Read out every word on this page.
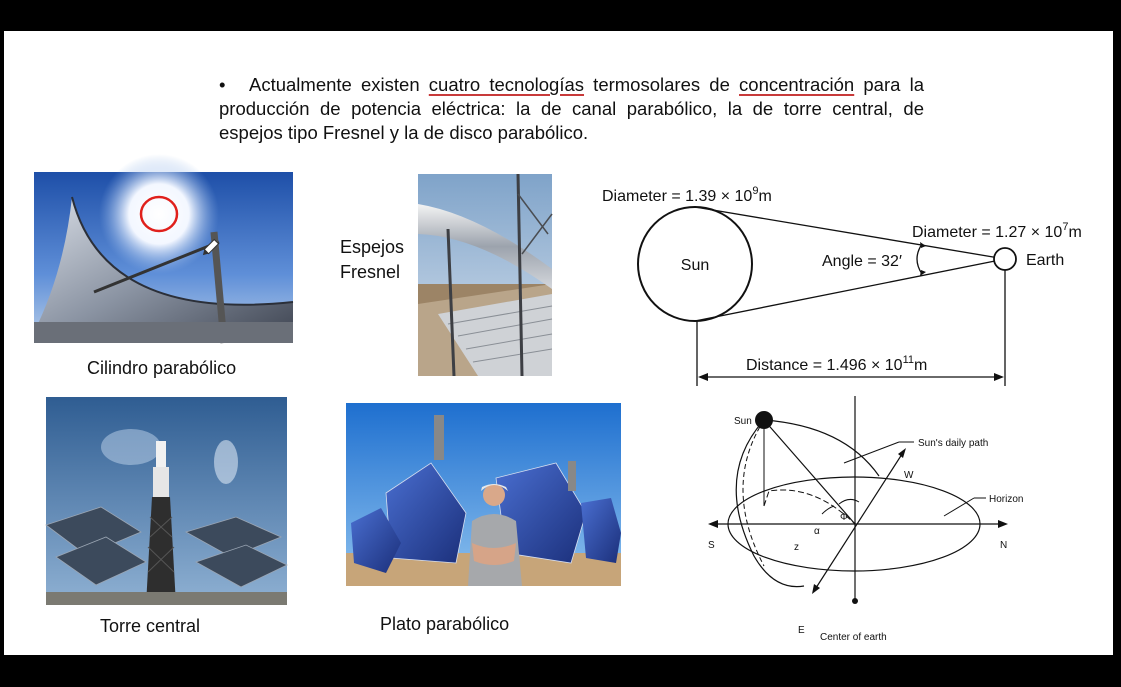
• Actualmente existen cuatro tecnologías termosolares de concentración para la producción de potencia eléctrica: la de canal parabólico, la de torre central, de espejos tipo Fresnel y la de disco parabólico.
Cilindro parabólico
Espejos
Fresnel
Diameter = $1.39 \times 10^9m$
Sun
Diameter = $1.27 \times 10^7m$
Earth
Angle = 32′
Distance = $1.496 \times 10^{11}m$
Torre central	Plato parabólico
Sun
Sun's daily path
Horizon
W
S	N
E
α
Φ
z
Center of earth
